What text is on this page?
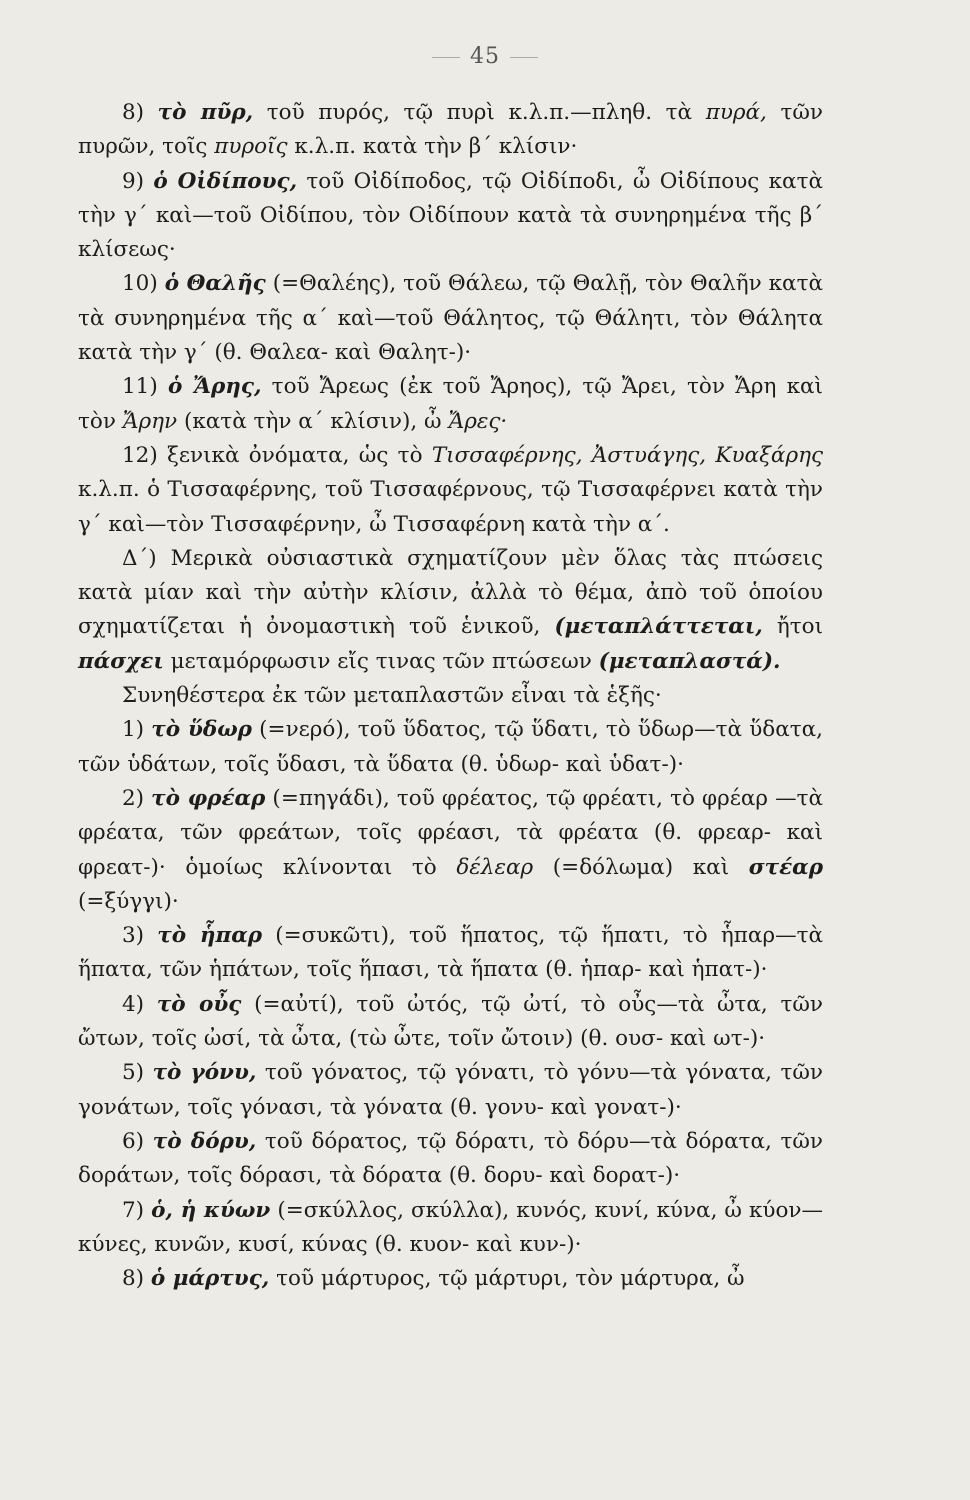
45

8) τὸ πῦρ, τοῦ πυρός, τῷ πυρὶ κ.λ.π.—πληθ. τὰ πυρά, τῶν πυρῶν, τοῖς πυροῖς κ.λ.π. κατὰ τὴν β΄ κλίσιν·

9) ὁ Οἰδίπους, τοῦ Οἰδίποδος, τῷ Οἰδίποδι, ὦ Οἰδίπους κατὰ τὴν γ΄ καὶ—τοῦ Οἰδίπου, τὸν Οἰδίπουν κατὰ τὰ συνηρημένα τῆς β΄ κλίσεως·

10) ὁ Θαλῆς (=Θαλέης), τοῦ Θάλεω, τῷ Θαλῇ, τὸν Θαλῆν κατὰ τὰ συνηρημένα τῆς α΄ καὶ—τοῦ Θάλητος, τῷ Θάλητι, τὸν Θάλητα κατὰ τὴν γ΄ (θ. Θαλεα- καὶ Θαλητ-)·

11) ὁ Ἄρης, τοῦ Ἄρεως (ἐκ τοῦ Ἄρηος), τῷ Ἄρει, τὸν Ἄρη καὶ τὸν Ἄρην (κατὰ τὴν α΄ κλίσιν), ὦ Ἄρες·

12) ξενικὰ ὀνόματα, ὡς τὸ Τισσαφέρνης, Ἀστυάγης, Κυαξάρης κ.λ.π. ὁ Τισσαφέρνης, τοῦ Τισσαφέρνους, τῷ Τισσαφέρνει κατὰ τὴν γ΄ καὶ—τὸν Τισσαφέρνην, ὦ Τισσαφέρνη κατὰ τὴν α΄.

Δ΄) Μερικὰ οὐσιαστικὰ σχηματίζουν μὲν ὅλας τὰς πτώσεις κατὰ μίαν καὶ τὴν αὐτὴν κλίσιν, ἀλλὰ τὸ θέμα, ἀπὸ τοῦ ὁποίου σχηματίζεται ἡ ὀνομαστικὴ τοῦ ἑνικοῦ, (μεταπλάττεται, ἤτοι πάσχει μεταμόρφωσιν εἴς τινας τῶν πτώσεων (μεταπλαστά).

Συνηθέστερα ἐκ τῶν μεταπλαστῶν εἶναι τὰ ἑξῆς·

1) τὸ ὕδωρ (=νερό), τοῦ ὕδατος, τῷ ὕδατι, τὸ ὕδωρ—τὰ ὕδατα, τῶν ὑδάτων, τοῖς ὕδασι, τὰ ὕδατα (θ. ὑδωρ- καὶ ὑδατ-)·

2) τὸ φρέαρ (=πηγάδι), τοῦ φρέατος, τῷ φρέατι, τὸ φρέαρ —τὰ φρέατα, τῶν φρεάτων, τοῖς φρέασι, τὰ φρέατα (θ. φρεαρ- καὶ φρεατ-)· ὁμοίως κλίνονται τὸ δέλεαρ (=δόλωμα) καὶ στέαρ (=ξύγγι)·

3) τὸ ἧπαρ (=συκῶτι), τοῦ ἥπατος, τῷ ἥπατι, τὸ ἧπαρ—τὰ ἥπατα, τῶν ἡπάτων, τοῖς ἥπασι, τὰ ἥπατα (θ. ἡπαρ- καὶ ἡπατ-)·

4) τὸ οὖς (=αὐτί), τοῦ ὠτός, τῷ ὠτί, τὸ οὖς—τὰ ὦτα, τῶν ὤτων, τοῖς ὠσί, τὰ ὦτα, (τὼ ὦτε, τοῖν ὤτοιν) (θ. ουσ- καὶ ωτ-)·

5) τὸ γόνυ, τοῦ γόνατος, τῷ γόνατι, τὸ γόνυ—τὰ γόνατα, τῶν γονάτων, τοῖς γόνασι, τὰ γόνατα (θ. γονυ- καὶ γονατ-)·

6) τὸ δόρυ, τοῦ δόρατος, τῷ δόρατι, τὸ δόρυ—τὰ δόρατα, τῶν δοράτων, τοῖς δόρασι, τὰ δόρατα (θ. δορυ- καὶ δορατ-)·

7) ὁ, ἡ κύων (=σκύλλος, σκύλλα), κυνός, κυνί, κύνα, ὦ κύον—κύνες, κυνῶν, κυσί, κύνας (θ. κυον- καὶ κυν-)·

8) ὁ μάρτυς, τοῦ μάρτυρος, τῷ μάρτυρι, τὸν μάρτυρα, ὦ
